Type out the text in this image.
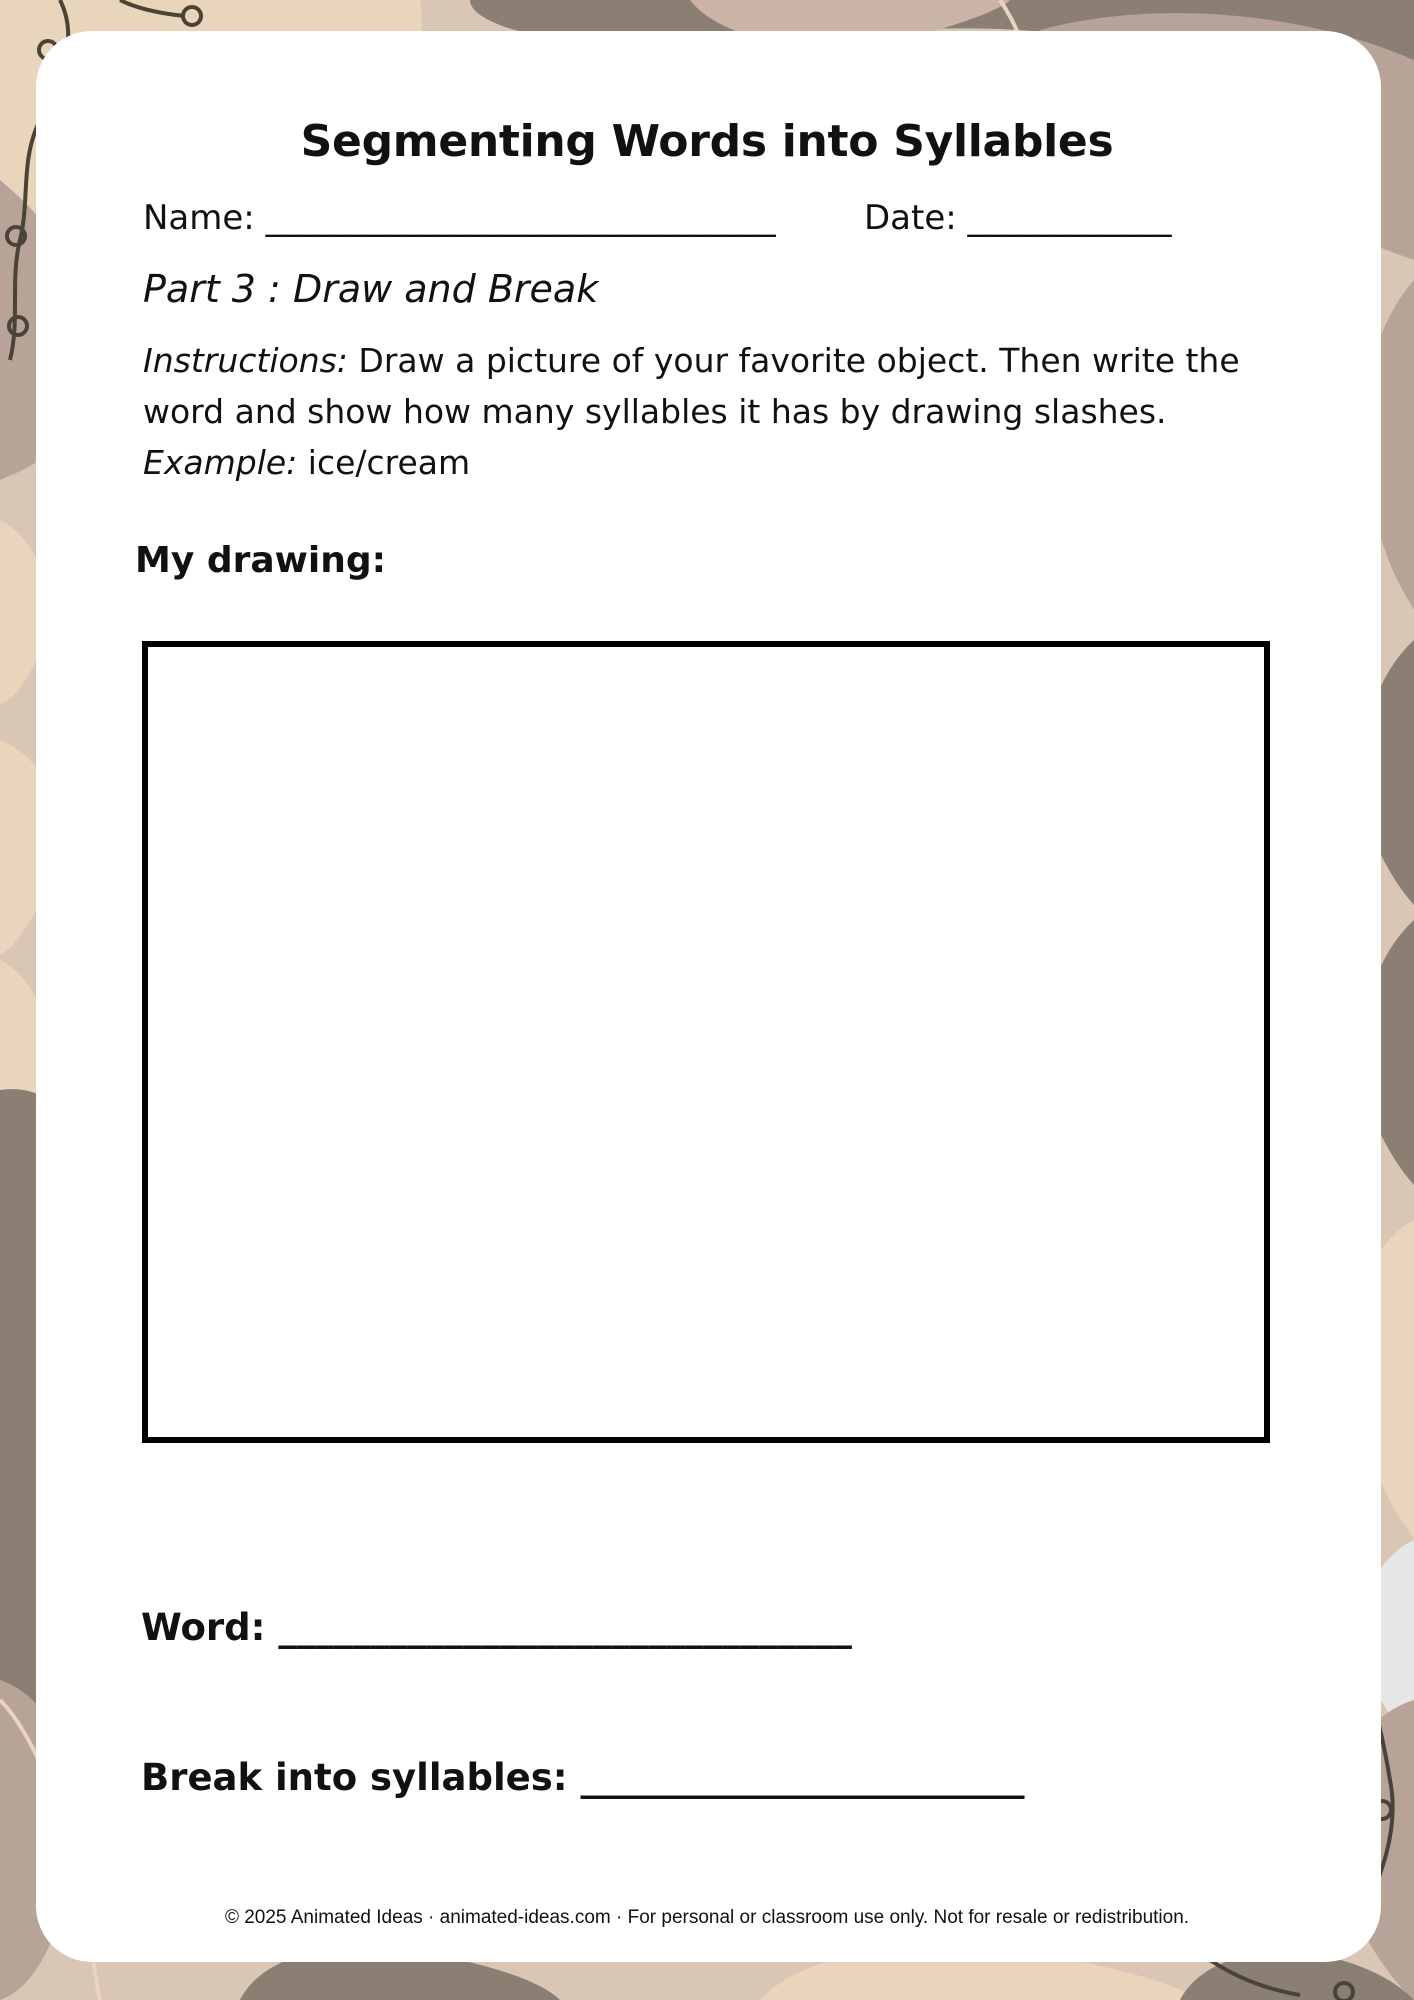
Segmenting Words into Syllables
Name: ______________________________	Date: ____________
Part 3 : Draw and Break
Instructions: Draw a picture of your favorite object. Then write the word and show how many syllables it has by drawing slashes.
Example: ice/cream
My drawing:
Word: _______________________________
Break into syllables: ________________________
© 2025 Animated Ideas · animated-ideas.com · For personal or classroom use only. Not for resale or redistribution.
